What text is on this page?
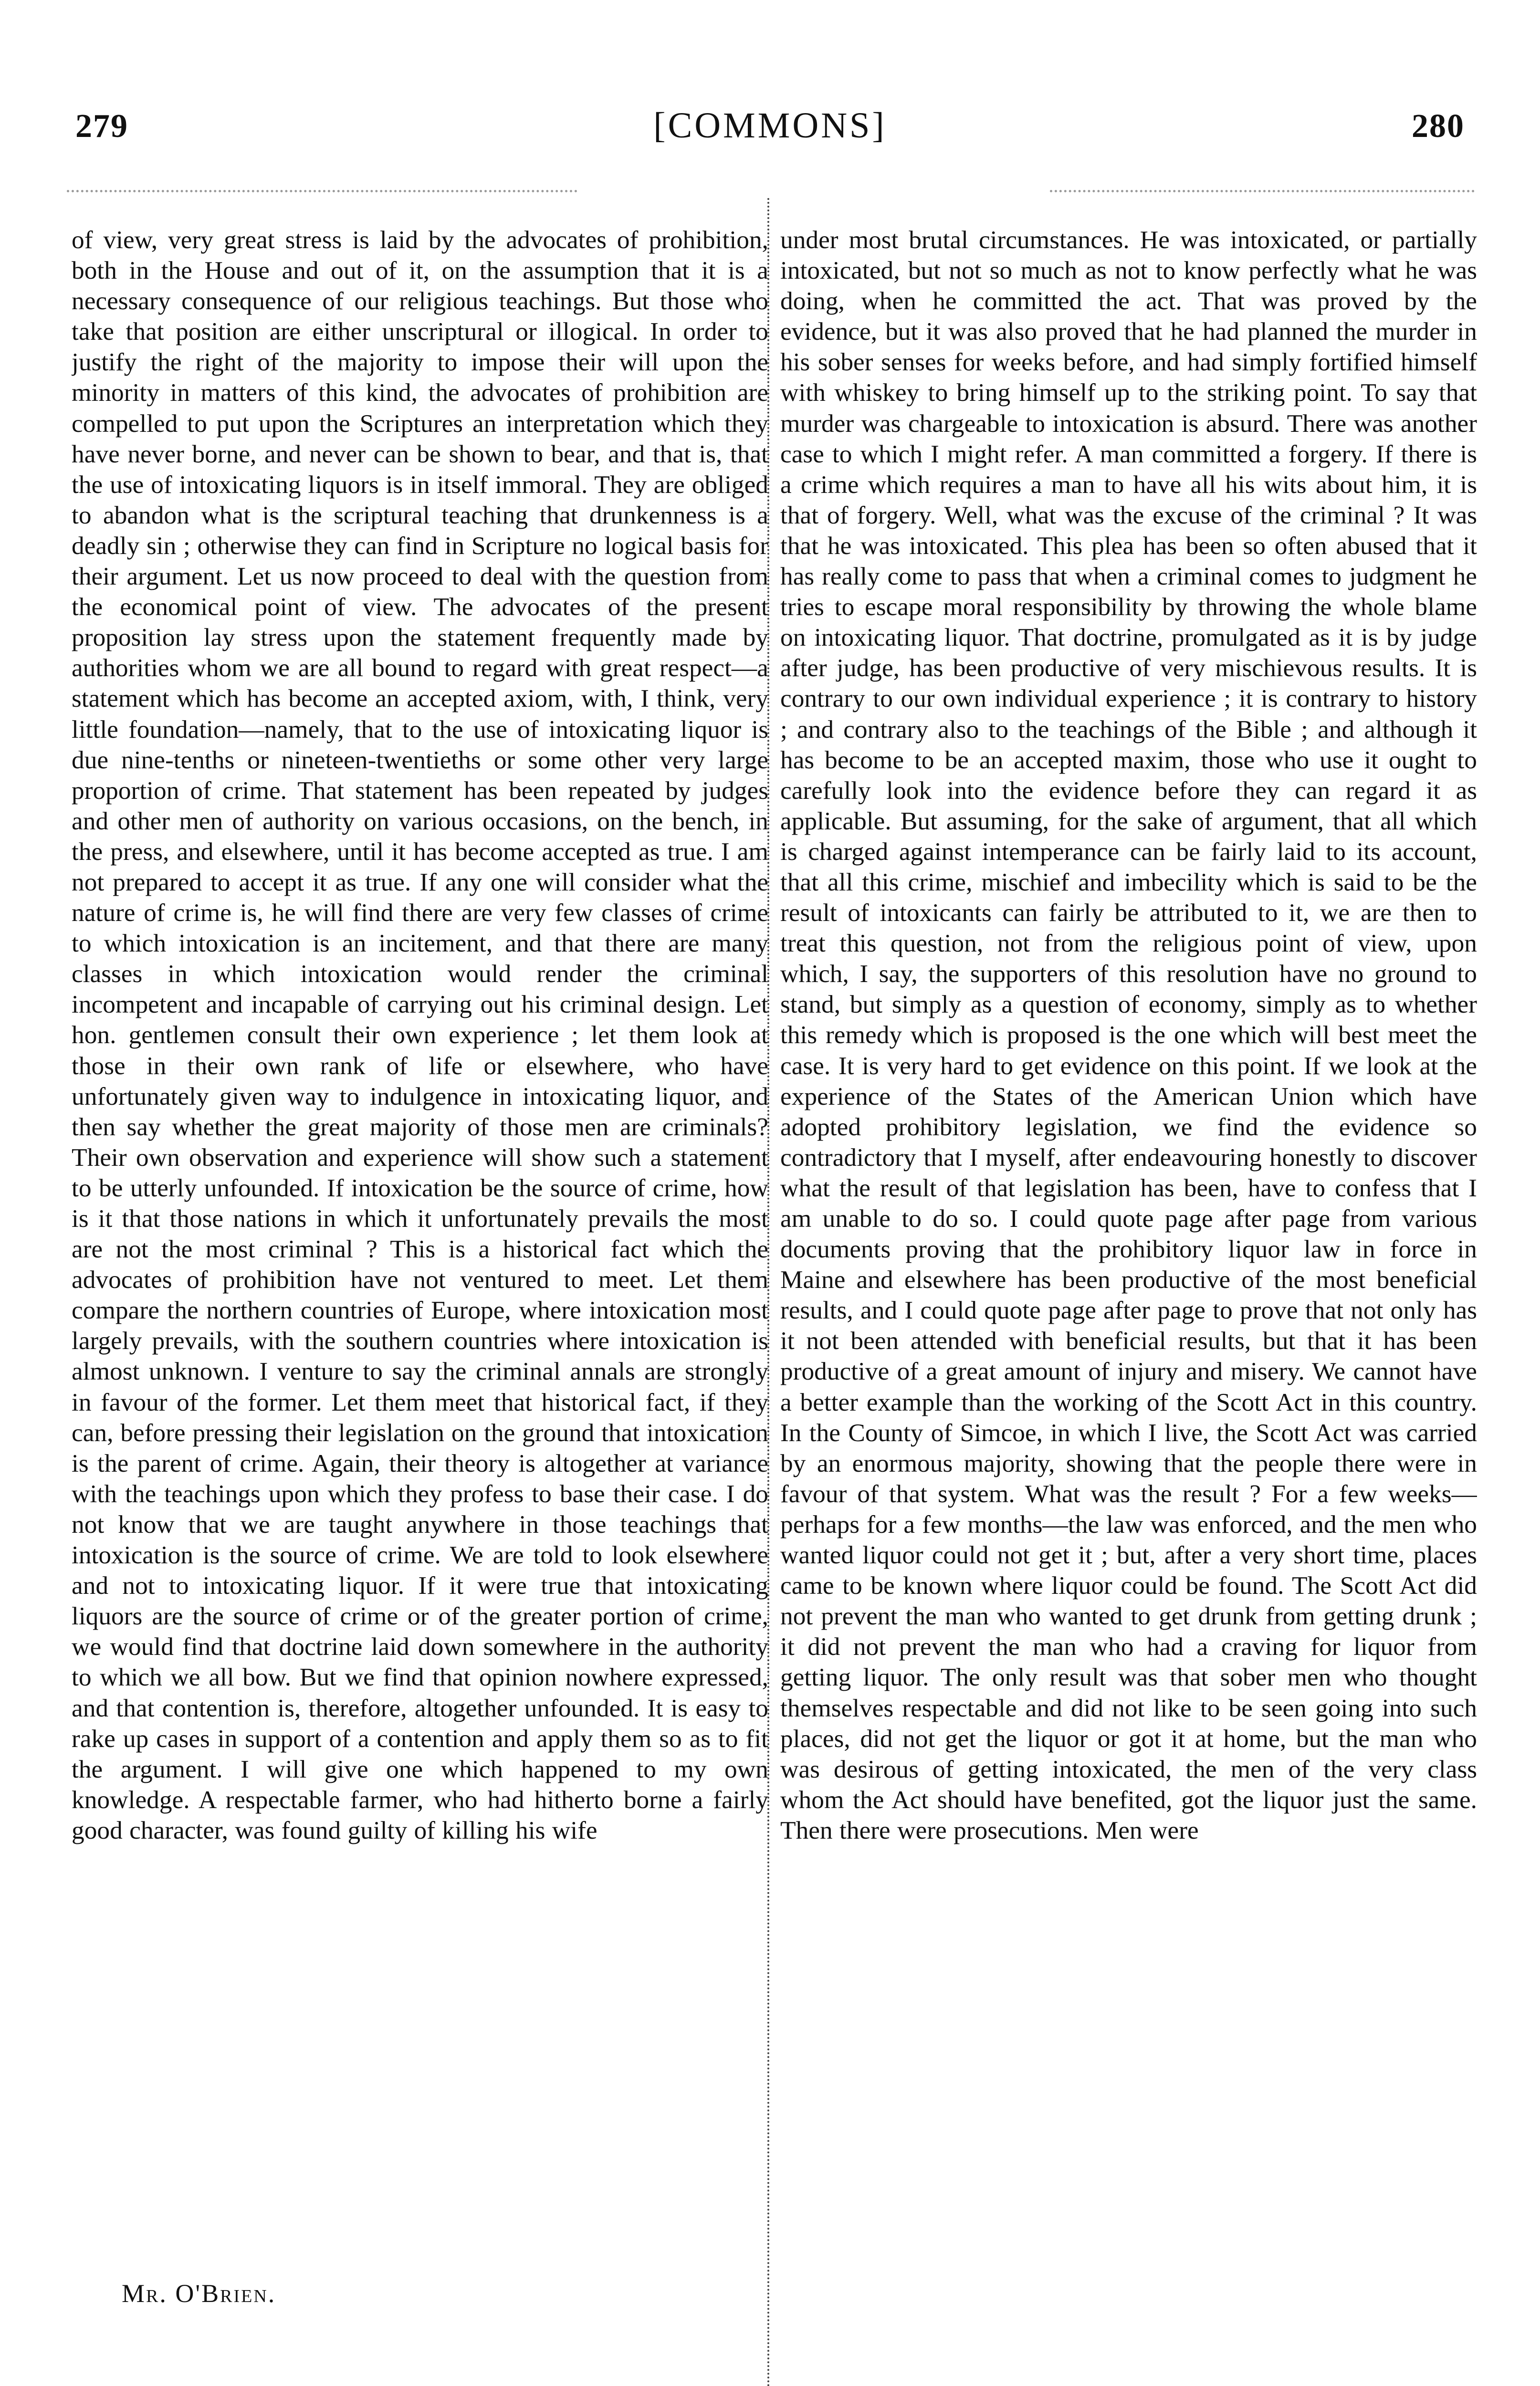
279	[COMMONS]	280

of view, very great stress is laid by the advocates of prohibition, both in the House and out of it, on the assumption that it is a necessary consequence of our religious teachings. But those who take that position are either unscriptural or illogical. In order to justify the right of the majority to impose their will upon the minority in matters of this kind, the advocates of prohibition are compelled to put upon the Scriptures an interpretation which they have never borne, and never can be shown to bear, and that is, that the use of intoxicating liquors is in itself immoral. They are obliged to abandon what is the scriptural teaching that drunkenness is a deadly sin ; otherwise they can find in Scripture no logical basis for their argument. Let us now proceed to deal with the question from the economical point of view. The advocates of the present proposition lay stress upon the statement frequently made by authorities whom we are all bound to regard with great respect—a statement which has become an accepted axiom, with, I think, very little foundation—namely, that to the use of intoxicating liquor is due nine-tenths or nineteen-twentieths or some other very large proportion of crime. That statement has been repeated by judges and other men of authority on various occasions, on the bench, in the press, and elsewhere, until it has become accepted as true. I am not prepared to accept it as true. If any one will consider what the nature of crime is, he will find there are very few classes of crime to which intoxication is an incitement, and that there are many classes in which intoxication would render the criminal incompetent and incapable of carrying out his criminal design. Let hon. gentlemen consult their own experience ; let them look at those in their own rank of life or elsewhere, who have unfortunately given way to indulgence in intoxicating liquor, and then say whether the great majority of those men are criminals? Their own observation and experience will show such a statement to be utterly unfounded. If intoxication be the source of crime, how is it that those nations in which it unfortunately prevails the most are not the most criminal ? This is a historical fact which the advocates of prohibition have not ventured to meet. Let them compare the northern countries of Europe, where intoxication most largely prevails, with the southern countries where intoxication is almost unknown. I venture to say the criminal annals are strongly in favour of the former. Let them meet that historical fact, if they can, before pressing their legislation on the ground that intoxication is the parent of crime. Again, their theory is altogether at variance with the teachings upon which they profess to base their case. I do not know that we are taught anywhere in those teachings that intoxication is the source of crime. We are told to look elsewhere and not to intoxicating liquor. If it were true that intoxicating liquors are the source of crime or of the greater portion of crime, we would find that doctrine laid down somewhere in the authority to which we all bow. But we find that opinion nowhere expressed, and that contention is, therefore, altogether unfounded. It is easy to rake up cases in support of a contention and apply them so as to fit the argument. I will give one which happened to my own knowledge. A respectable farmer, who had hitherto borne a fairly good character, was found guilty of killing his wife

under most brutal circumstances. He was intoxicated, or partially intoxicated, but not so much as not to know perfectly what he was doing, when he committed the act. That was proved by the evidence, but it was also proved that he had planned the murder in his sober senses for weeks before, and had simply fortified himself with whiskey to bring himself up to the striking point. To say that murder was chargeable to intoxication is absurd. There was another case to which I might refer. A man committed a forgery. If there is a crime which requires a man to have all his wits about him, it is that of forgery. Well, what was the excuse of the criminal ? It was that he was intoxicated. This plea has been so often abused that it has really come to pass that when a criminal comes to judgment he tries to escape moral responsibility by throwing the whole blame on intoxicating liquor. That doctrine, promulgated as it is by judge after judge, has been productive of very mischievous results. It is contrary to our own individual experience ; it is contrary to history ; and contrary also to the teachings of the Bible ; and although it has become to be an accepted maxim, those who use it ought to carefully look into the evidence before they can regard it as applicable. But assuming, for the sake of argument, that all which is charged against intemperance can be fairly laid to its account, that all this crime, mischief and imbecility which is said to be the result of intoxicants can fairly be attributed to it, we are then to treat this question, not from the religious point of view, upon which, I say, the supporters of this resolution have no ground to stand, but simply as a question of economy, simply as to whether this remedy which is proposed is the one which will best meet the case. It is very hard to get evidence on this point. If we look at the experience of the States of the American Union which have adopted prohibitory legislation, we find the evidence so contradictory that I myself, after endeavouring honestly to discover what the result of that legislation has been, have to confess that I am unable to do so. I could quote page after page from various documents proving that the prohibitory liquor law in force in Maine and elsewhere has been productive of the most beneficial results, and I could quote page after page to prove that not only has it not been attended with beneficial results, but that it has been productive of a great amount of injury and misery. We cannot have a better example than the working of the Scott Act in this country. In the County of Simcoe, in which I live, the Scott Act was carried by an enormous majority, showing that the people there were in favour of that system. What was the result ? For a few weeks—perhaps for a few months—the law was enforced, and the men who wanted liquor could not get it ; but, after a very short time, places came to be known where liquor could be found. The Scott Act did not prevent the man who wanted to get drunk from getting drunk ; it did not prevent the man who had a craving for liquor from getting liquor. The only result was that sober men who thought themselves respectable and did not like to be seen going into such places, did not get the liquor or got it at home, but the man who was desirous of getting intoxicated, the men of the very class whom the Act should have benefited, got the liquor just the same. Then there were prosecutions. Men were

Mr. O'Brien.
